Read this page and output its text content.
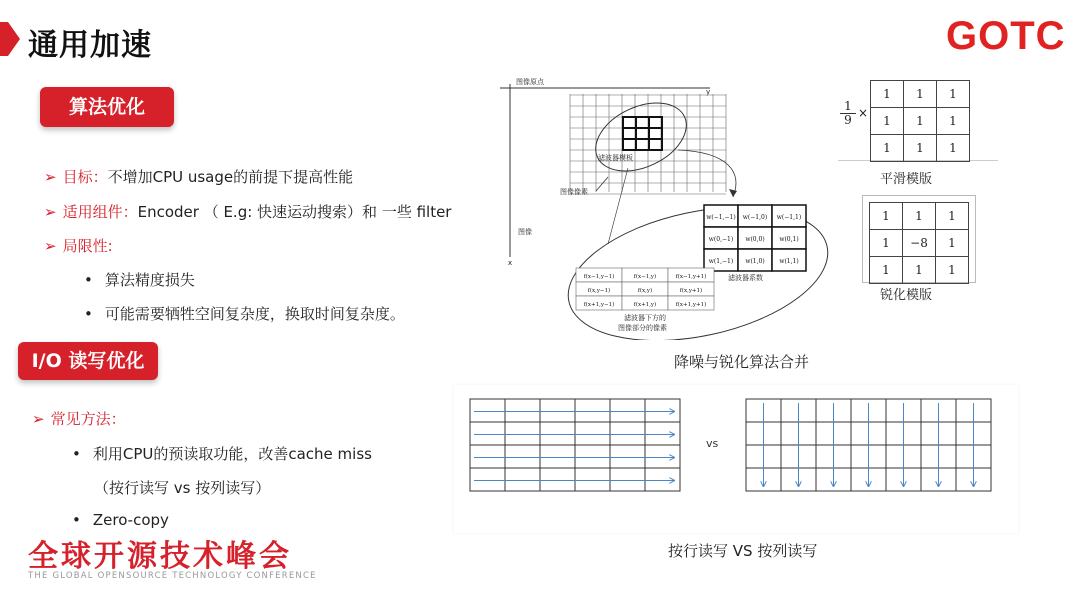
通用加速	GOTC
算法优化
➢ 目标：不增加CPU usage的前提下提高性能
➢ 适用组件：Encoder （ E.g: 快速运动搜索）和 一些 filter
➢ 局限性:
• 算法精度损失
• 可能需要牺牲空间复杂度，换取时间复杂度。
I/O 读写优化
➢ 常见方法：
• 利用CPU的预读取功能，改善cache miss
（按行读写 vs 按列读写）
• Zero-copy
图像原点
y
x
滤波器模板
图像像素
图像
w(−1,−1) w(−1,0) w(−1,1)
w(0,−1) w(0,0) w(0,1)
w(1,−1) w(1,0) w(1,1)
滤波器系数
f(x−1,y−1)	f(x−1,y)	f(x−1,y+1)
f(x,y−1)	f(x,y)	f(x,y+1)
f(x+1,y−1)	f(x+1,y)	f(x+1,y+1)
滤波器下方的
图像部分的像素
1
9 ×
1	1	1
1	1	1
1	1	1
平滑模版
1	1	1
1	−8	1
1	1	1
锐化模版
降噪与锐化算法合并
vs
按行读写 VS 按列读写
全球开源技术峰会
THE GLOBAL OPENSOURCE TECHNOLOGY CONFERENCE
